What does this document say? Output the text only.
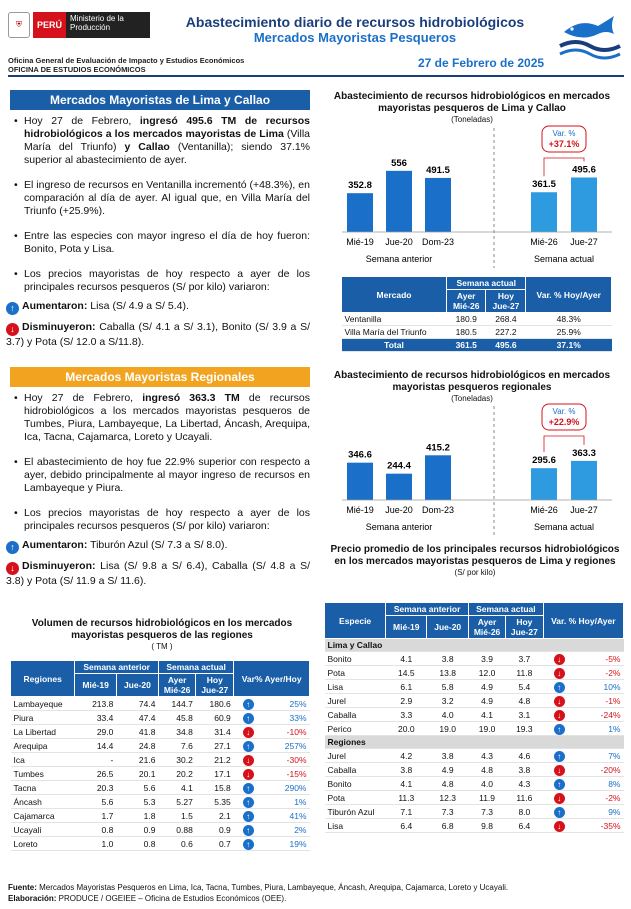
⛨	PERÚ
Ministerio de la Producción	Abastecimiento diario de recursos hidrobiológicos
Mercados Mayoristas Pesqueros
Oficina General de Evaluación de Impacto y Estudios Económicos
OFICINA DE ESTUDIOS ECONÓMICOS	27 de Febrero de 2025
Mercados Mayoristas de Lima y Callao
• Hoy 27 de Febrero, ingresó 495.6 TM de recursos hidrobiológicos a los mercados mayoristas de Lima (Villa María del Triunfo) y Callao (Ventanilla); siendo 37.1% superior al abastecimiento de ayer.
• El ingreso de recursos en Ventanilla incrementó (+48.3%), en comparación al día de ayer. Al igual que, en Villa María del Triunfo (+25.9%).
• Entre las especies con mayor ingreso el día de hoy fueron: Bonito, Pota y Lisa.
• Los precios mayoristas de hoy respecto a ayer de los principales recursos pesqueros (S/ por kilo) variaron:
↑ Aumentaron: Lisa (S/ 4.9 a S/ 5.4).
↓ Disminuyeron: Caballa (S/ 4.1 a S/ 3.1), Bonito (S/ 3.9 a S/ 3.7) y Pota (S/ 12.0 a S/11.8).
Mercados Mayoristas Regionales
• Hoy 27 de Febrero, ingresó 363.3 TM de recursos hidrobiológicos a los mercados mayoristas pesqueros de Tumbes, Piura, Lambayeque, La Libertad, Áncash, Arequipa, Ica, Tacna, Cajamarca, Loreto y Ucayali.
• El abastecimiento de hoy fue 22.9% superior con respecto a ayer, debido principalmente al mayor ingreso de recursos en Lambayeque y Piura.
• Los precios mayoristas de hoy respecto a ayer de los principales recursos pesqueros (S/ por kilo) variaron:
↑ Aumentaron: Tiburón Azul (S/ 7.3 a S/ 8.0).
↓ Disminuyeron: Lisa (S/ 9.8 a S/ 6.4), Caballa (S/ 4.8 a S/ 3.8) y Pota (S/ 11.9 a S/ 11.6).
Volumen de recursos hidrobiológicos en los mercados mayoristas pesqueros de las regiones
( TM )
Regiones	Semana anterior		Semana actual		Var% Ayer/Hoy	
	Mié-19	Jue-20	Ayer
Mié-26	Hoy
Jue-27		
Lambayeque	213.8	74.4	144.7	180.6	↑	25%
Piura	33.4	47.4	45.8	60.9	↑	33%
La Libertad	29.0	41.8	34.8	31.4	↓	-10%
Arequipa	14.4	24.8	7.6	27.1	↑	257%
Ica	-	21.6	30.2	21.2	↓	-30%
Tumbes	26.5	20.1	20.2	17.1	↓	-15%
Tacna	20.3	5.6	4.1	15.8	↑	290%
Áncash	5.6	5.3	5.27	5.35	↑	1%
Cajamarca	1.7	1.8	1.5	2.1	↑	41%
Ucayali	0.8	0.9	0.88	0.9	↑	2%
Loreto	1.0	0.8	0.6	0.7	↑	19%
Abastecimiento de recursos hidrobiológicos en mercados mayoristas pesqueros de Lima y Callao
(Toneladas)
352.8
Mié-19
556
Jue-20
491.5
Dom-23
361.5
Mié-26
495.6
Jue-27
Semana anterior	Semana actual
Var. %
+37.1%
Mercado	Semana actual		Var. % Hoy/Ayer
	Ayer
Mié-26	Hoy
Jue-27	
Ventanilla	180.9	268.4	48.3%
Villa María del Triunfo	180.5	227.2	25.9%
Total	361.5	495.6	37.1%
Abastecimiento de recursos hidrobiológicos en mercados mayoristas pesqueros regionales
(Toneladas)
346.6
Mié-19
244.4
Jue-20
415.2
Dom-23
295.6
Mié-26
363.3
Jue-27
Semana anterior	Semana actual
Var. %
+22.9%
Precio promedio de los principales recursos hidrobiológicos en los mercados mayoristas pesqueros de Lima y regiones
(S/ por kilo)
Especie	Semana anterior		Semana actual		Var. % Hoy/Ayer	
	Mié-19	Jue-20	Ayer
Mié-26	Hoy
Jue-27		
Lima y Callao						
Bonito	4.1	3.8	3.9	3.7	↓	-5%
Pota	14.5	13.8	12.0	11.8	↓	-2%
Lisa	6.1	5.8	4.9	5.4	↑	10%
Jurel	2.9	3.2	4.9	4.8	↓	-1%
Caballa	3.3	4.0	4.1	3.1	↓	-24%
Perico	20.0	19.0	19.0	19.3	↑	1%
Regiones						
Jurel	4.2	3.8	4.3	4.6	↑	7%
Caballa	3.8	4.9	4.8	3.8	↓	-20%
Bonito	4.1	4.8	4.0	4.3	↑	8%
Pota	11.3	12.3	11.9	11.6	↓	-2%
Tiburón Azul	7.1	7.3	7.3	8.0	↑	9%
Lisa	6.4	6.8	9.8	6.4	↓	-35%
Fuente: Mercados Mayoristas Pesqueros en Lima, Ica, Tacna, Tumbes, Piura, Lambayeque, Áncash, Arequipa, Cajamarca, Loreto y Ucayali.
Elaboración: PRODUCE / OGEIEE – Oficina de Estudios Económicos (OEE).
